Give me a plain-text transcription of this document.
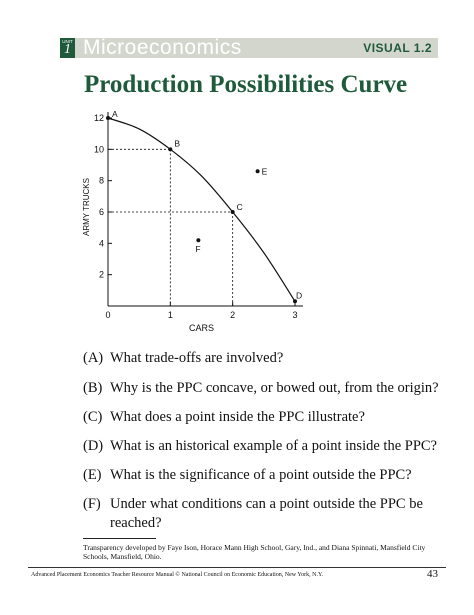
UNIT
1 Microeconomics	VISUAL 1.2
Production Possibilities Curve
0	1	2	3
2
4
6
8
10
12
CARS
ARMY TRUCKS
A
B
C
D
E
F
(A) What trade-offs are involved?
(B) Why is the PPC concave, or bowed out, from the origin?
(C) What does a point inside the PPC illustrate?
(D) What is an historical example of a point inside the PPC?
(E) What is the significance of a point outside the PPC?
(F) Under what conditions can a point outside the PPC be
reached?
Transparency developed by Faye Ison, Horace Mann High School, Gary, Ind., and Diana Spinnati, Mansfield City Schools, Mansfield, Ohio.
Advanced Placement Economics Teacher Resource Manual © National Council on Economic Education, New York, N.Y.	43
